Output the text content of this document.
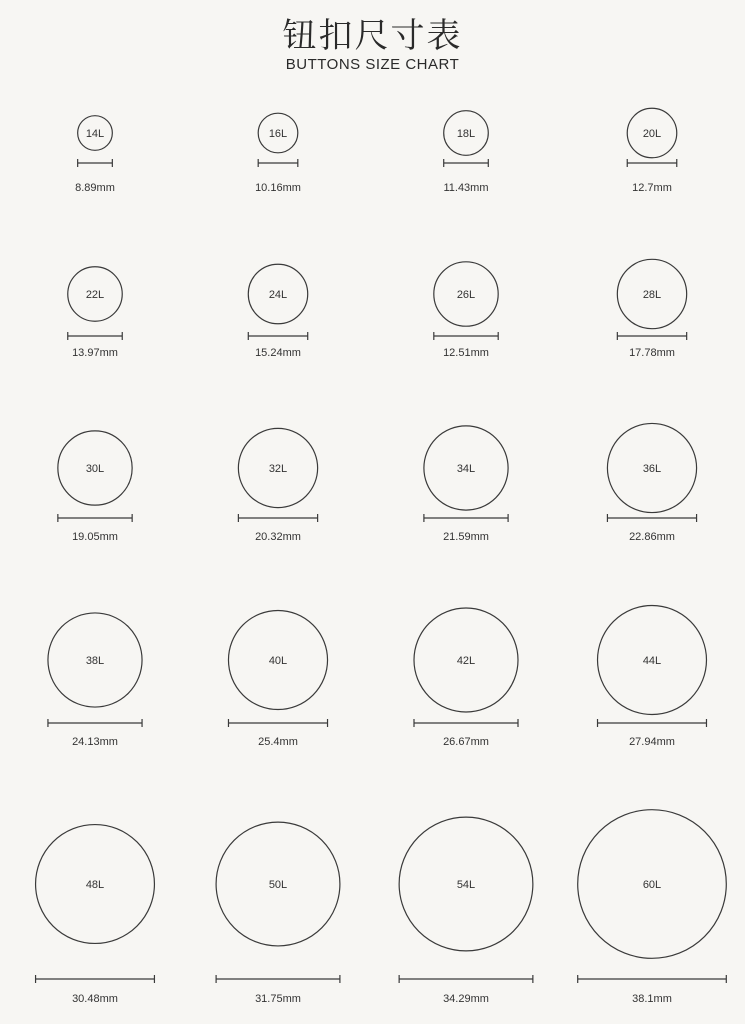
钮扣尺寸表
BUTTONS SIZE CHART
14L
8.89mm
16L
10.16mm
18L
11.43mm
20L
12.7mm
22L
13.97mm
24L
15.24mm
26L
12.51mm
28L
17.78mm
30L
19.05mm
32L
20.32mm
34L
21.59mm
36L
22.86mm
38L
24.13mm
40L
25.4mm
42L
26.67mm
44L
27.94mm
48L
30.48mm
50L
31.75mm
54L
34.29mm
60L
38.1mm
